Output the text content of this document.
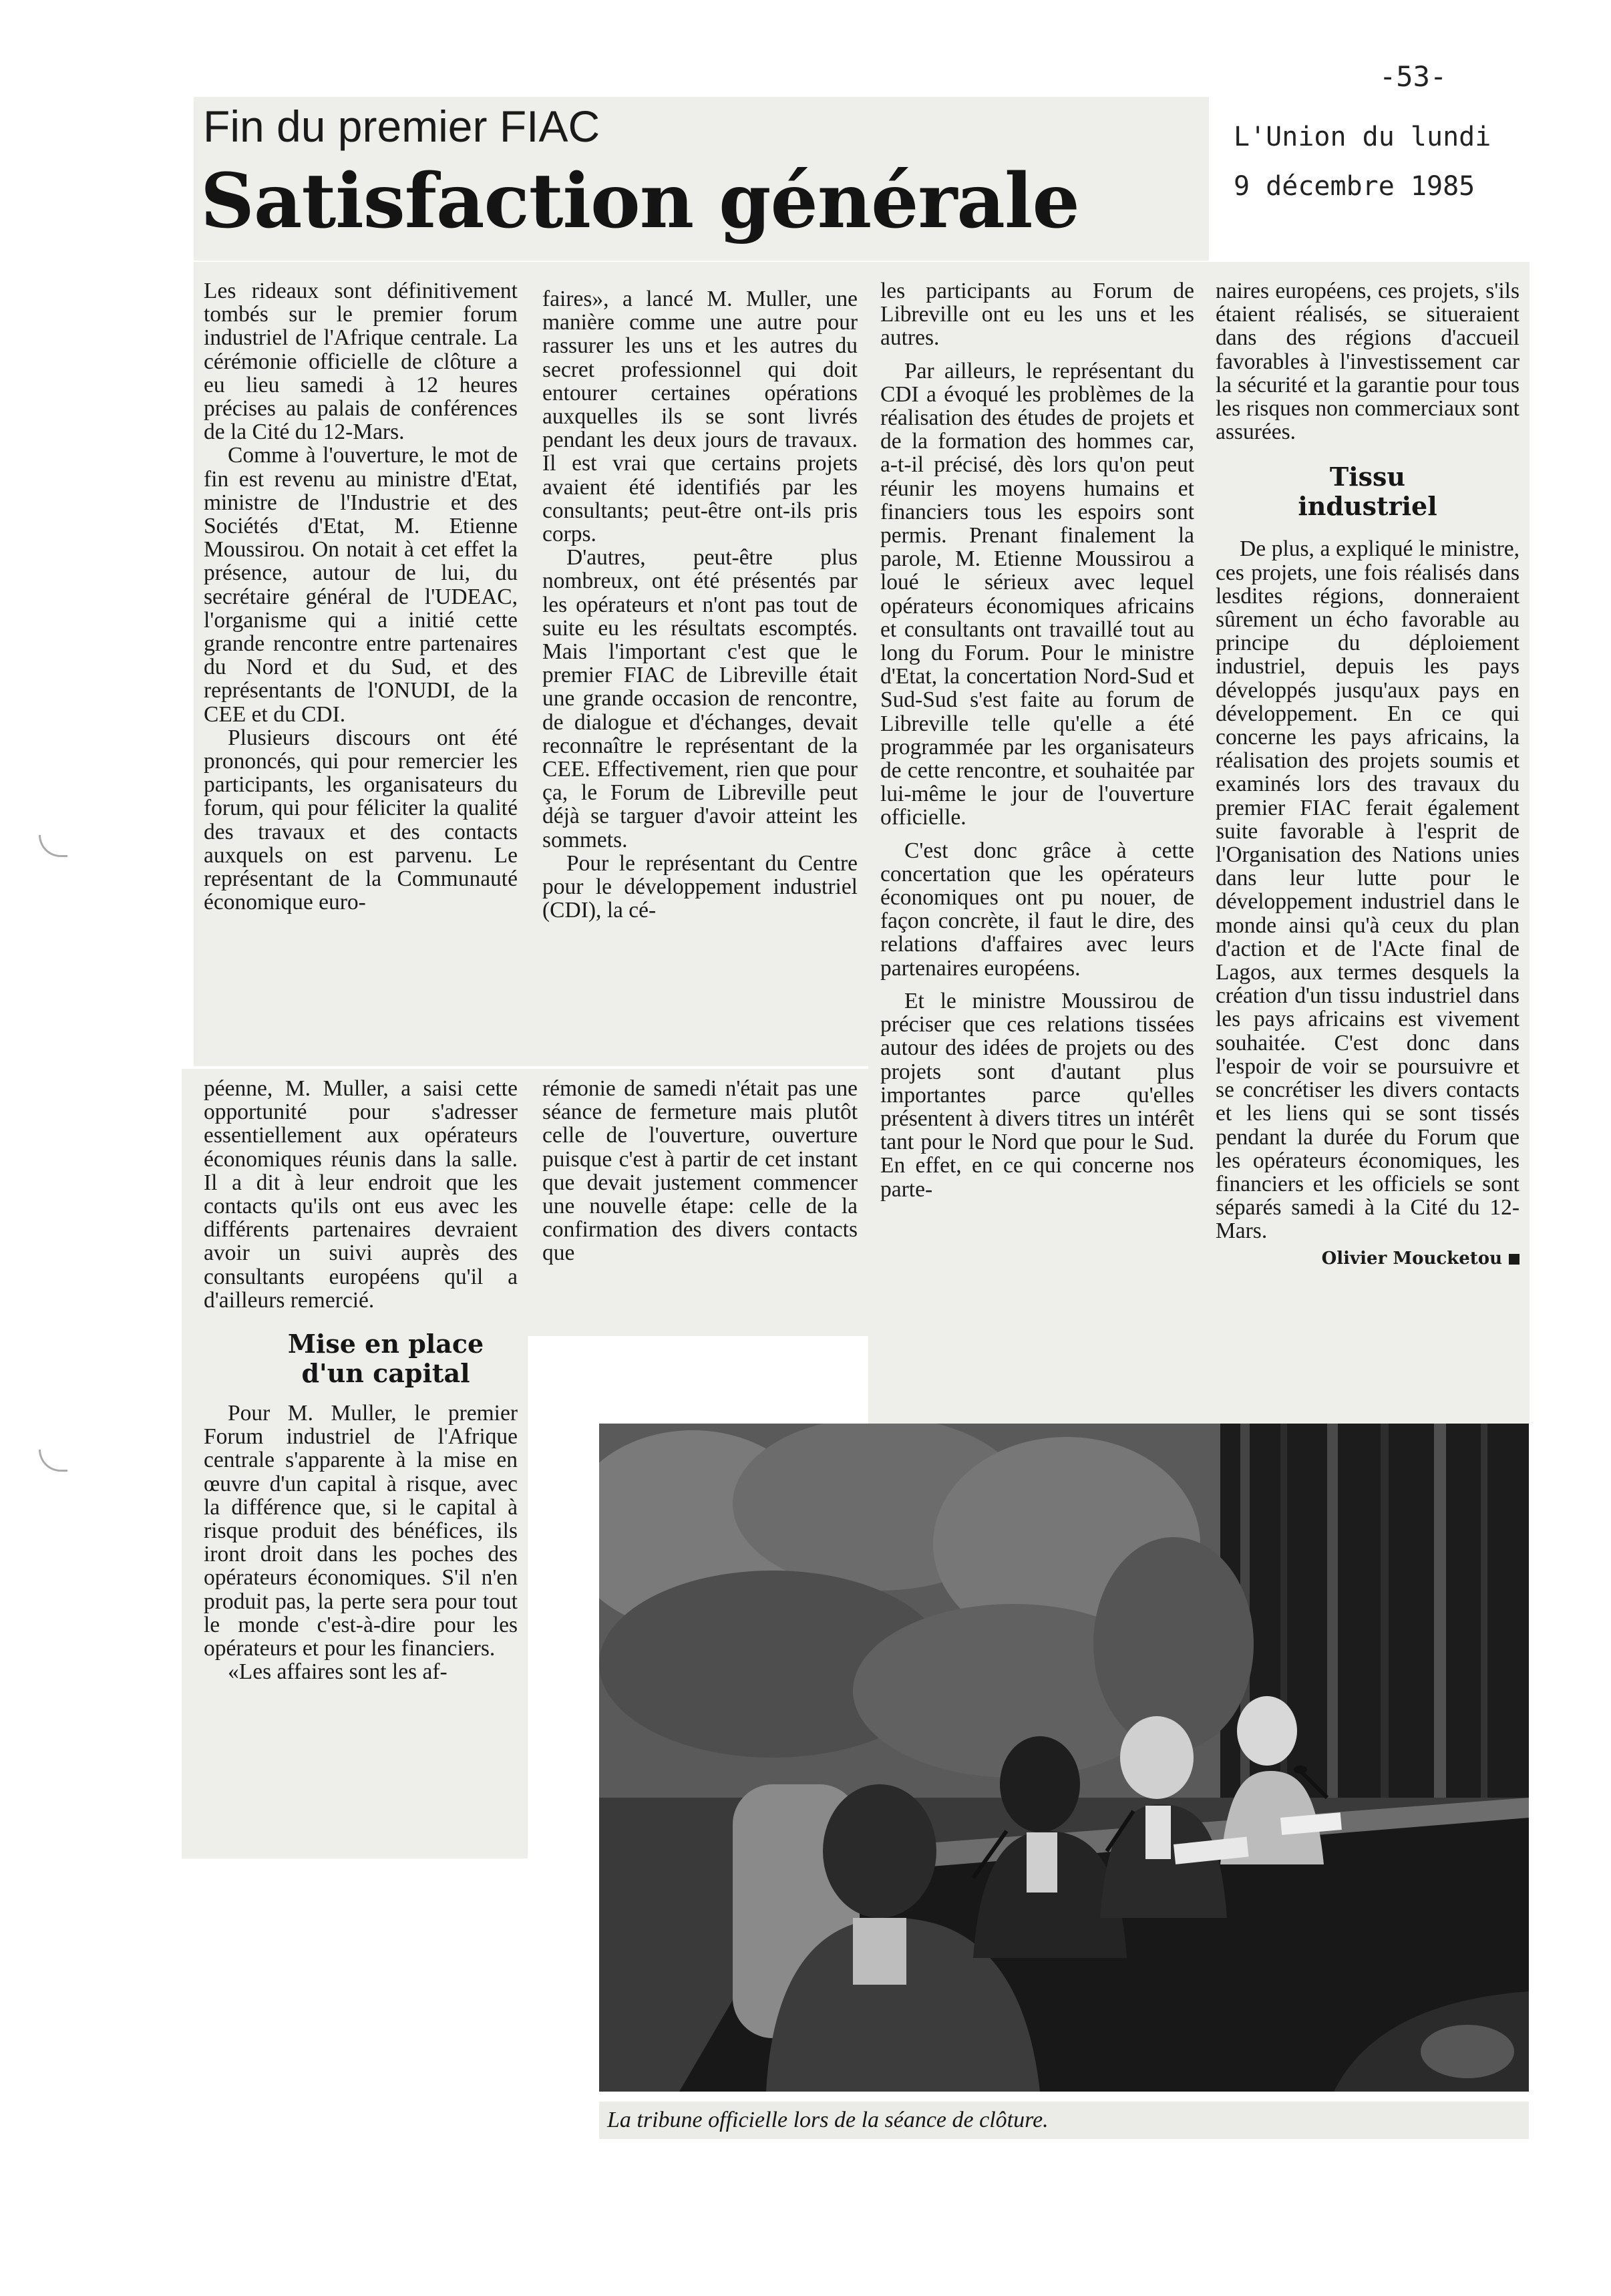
-53-
L'Union du lundi
9 décembre 1985
Fin du premier FIAC
Satisfaction générale

Les rideaux sont définitivement tombés sur le premier forum industriel de l'Afrique centrale. La cérémonie officielle de clôture a eu lieu samedi à 12 heures précises au palais de conférences de la Cité du 12-Mars.

Comme à l'ouverture, le mot de fin est revenu au ministre d'Etat, ministre de l'Industrie et des Sociétés d'Etat, M. Etienne Moussirou. On notait à cet effet la présence, autour de lui, du secrétaire général de l'UDEAC, l'organisme qui a initié cette grande rencontre entre partenaires du Nord et du Sud, et des représentants de l'ONUDI, de la CEE et du CDI.

Plusieurs discours ont été prononcés, qui pour remercier les participants, les organisateurs du forum, qui pour féliciter la qualité des travaux et des contacts auxquels on est parvenu. Le représentant de la Communauté économique euro-

péenne, M. Muller, a saisi cette opportunité pour s'adresser essentiellement aux opérateurs économiques réunis dans la salle. Il a dit à leur endroit que les contacts qu'ils ont eus avec les différents partenaires devraient avoir un suivi auprès des consultants européens qu'il a d'ailleurs remercié.

Mise en place d'un capital

Pour M. Muller, le premier Forum industriel de l'Afrique centrale s'apparente à la mise en œuvre d'un capital à risque, avec la différence que, si le capital à risque produit des bénéfices, ils iront droit dans les poches des opérateurs économiques. S'il n'en produit pas, la perte sera pour tout le monde c'est-à-dire pour les opérateurs et pour les financiers.

«Les affaires sont les af-

faires», a lancé M. Muller, une manière comme une autre pour rassurer les uns et les autres du secret professionnel qui doit entourer certaines opérations auxquelles ils se sont livrés pendant les deux jours de travaux. Il est vrai que certains projets avaient été identifiés par les consultants; peut-être ont-ils pris corps.

D'autres, peut-être plus nombreux, ont été présentés par les opérateurs et n'ont pas tout de suite eu les résultats escomptés. Mais l'important c'est que le premier FIAC de Libreville était une grande occasion de rencontre, de dialogue et d'échanges, devait reconnaître le représentant de la CEE. Effectivement, rien que pour ça, le Forum de Libreville peut déjà se targuer d'avoir atteint les sommets.

Pour le représentant du Centre pour le développement industriel (CDI), la cé-

rémonie de samedi n'était pas une séance de fermeture mais plutôt celle de l'ouverture, ouverture puisque c'est à partir de cet instant que devait justement commencer une nouvelle étape: celle de la confirmation des divers contacts que

les participants au Forum de Libreville ont eu les uns et les autres.

Par ailleurs, le représentant du CDI a évoqué les problèmes de la réalisation des études de projets et de la formation des hommes car, a-t-il précisé, dès lors qu'on peut réunir les moyens humains et financiers tous les espoirs sont permis. Prenant finalement la parole, M. Etienne Moussirou a loué le sérieux avec lequel opérateurs économiques africains et consultants ont travaillé tout au long du Forum. Pour le ministre d'Etat, la concertation Nord-Sud et Sud-Sud s'est faite au forum de Libreville telle qu'elle a été programmée par les organisateurs de cette rencontre, et souhaitée par lui-même le jour de l'ouverture officielle.

C'est donc grâce à cette concertation que les opérateurs économiques ont pu nouer, de façon concrète, il faut le dire, des relations d'affaires avec leurs partenaires européens.

Et le ministre Moussirou de préciser que ces relations tissées autour des idées de projets ou des projets sont d'autant plus importantes parce qu'elles présentent à divers titres un intérêt tant pour le Nord que pour le Sud. En effet, en ce qui concerne nos parte-

naires européens, ces projets, s'ils étaient réalisés, se situeraient dans des régions d'accueil favorables à l'investissement car la sécurité et la garantie pour tous les risques non commerciaux sont assurées.

Tissu industriel

De plus, a expliqué le ministre, ces projets, une fois réalisés dans lesdites régions, donneraient sûrement un écho favorable au principe du déploiement industriel, depuis les pays développés jusqu'aux pays en développement. En ce qui concerne les pays africains, la réalisation des projets soumis et examinés lors des travaux du premier FIAC ferait également suite favorable à l'esprit de l'Organisation des Nations unies dans leur lutte pour le développement industriel dans le monde ainsi qu'à ceux du plan d'action et de l'Acte final de Lagos, aux termes desquels la création d'un tissu industriel dans les pays africains est vivement souhaitée. C'est donc dans l'espoir de voir se poursuivre et se concrétiser les divers contacts et les liens qui se sont tissés pendant la durée du Forum que les opérateurs économiques, les financiers et les officiels se sont séparés samedi à la Cité du 12-Mars.

Olivier Moucketou
La tribune officielle lors de la séance de clôture.
